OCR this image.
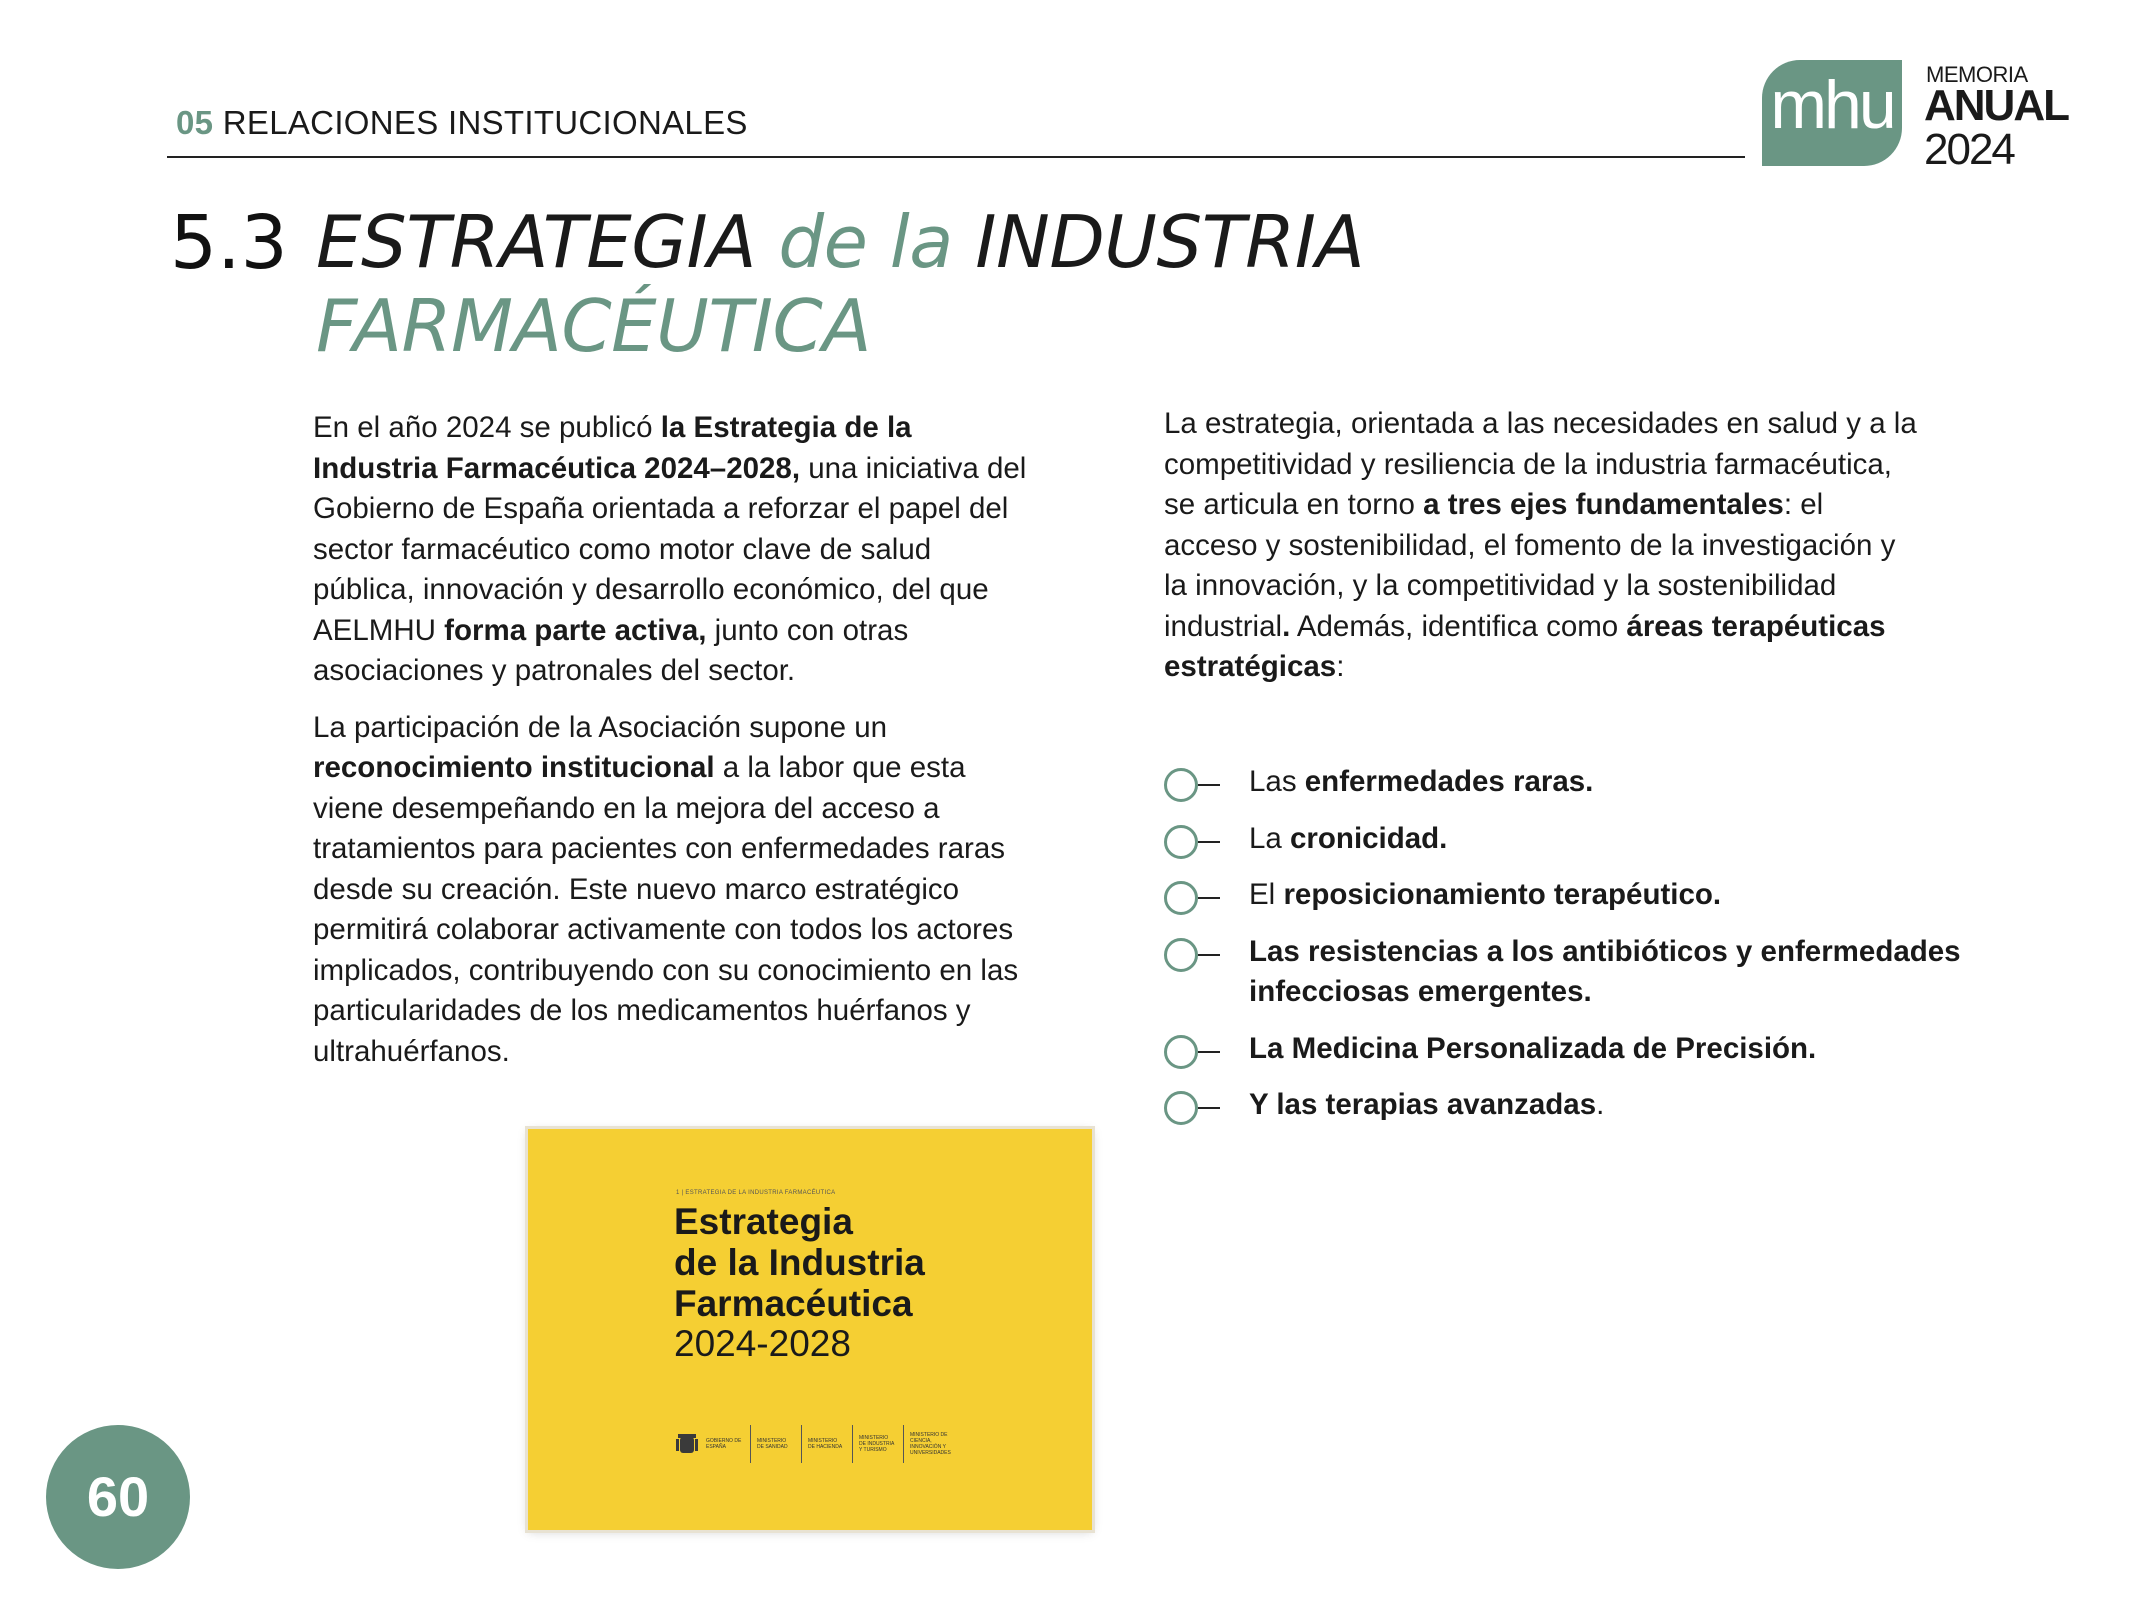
05 RELACIONES INSTITUCIONALES	mhu	MEMORIA
ANUAL
2024
5.3 ESTRATEGIA de la INDUSTRIA
FARMACÉUTICA

En el año 2024 se publicó la Estrategia de la Industria Farmacéutica 2024–2028, una iniciativa del Gobierno de España orientada a reforzar el papel del sector farmacéutico como motor clave de salud pública, innovación y desarrollo económico, del que AELMHU forma parte activa, junto con otras asociaciones y patronales del sector.

La participación de la Asociación supone un reconocimiento institucional a la labor que esta viene desempeñando en la mejora del acceso a tratamientos para pacientes con enfermedades raras desde su creación. Este nuevo marco estratégico permitirá colaborar activamente con todos los actores implicados, contribuyendo con su conocimiento en las particularidades de los medicamentos huérfanos y ultrahuérfanos.

La estrategia, orientada a las necesidades en salud y a la competitividad y resiliencia de la industria farmacéutica, se articula en torno a tres ejes fundamentales: el acceso y sostenibilidad, el fomento de la investigación y la innovación, y la competitividad y la sostenibilidad industrial. Además, identifica como áreas terapéuticas estratégicas:

Las enfermedades raras.
La cronicidad.
El reposicionamiento terapéutico.
Las resistencias a los antibióticos y enfermedades infecciosas emergentes.
La Medicina Personalizada de Precisión.
Y las terapias avanzadas.
1 | ESTRATEGIA DE LA INDUSTRIA FARMACÉUTICA
Estrategia
de la Industria
Farmacéutica
2024-2028
GOBIERNO DE ESPAÑA
MINISTERIO DE SANIDAD
MINISTERIO DE HACIENDA
MINISTERIO DE INDUSTRIA Y TURISMO
MINISTERIO DE CIENCIA, INNOVACIÓN Y UNIVERSIDADES
60
